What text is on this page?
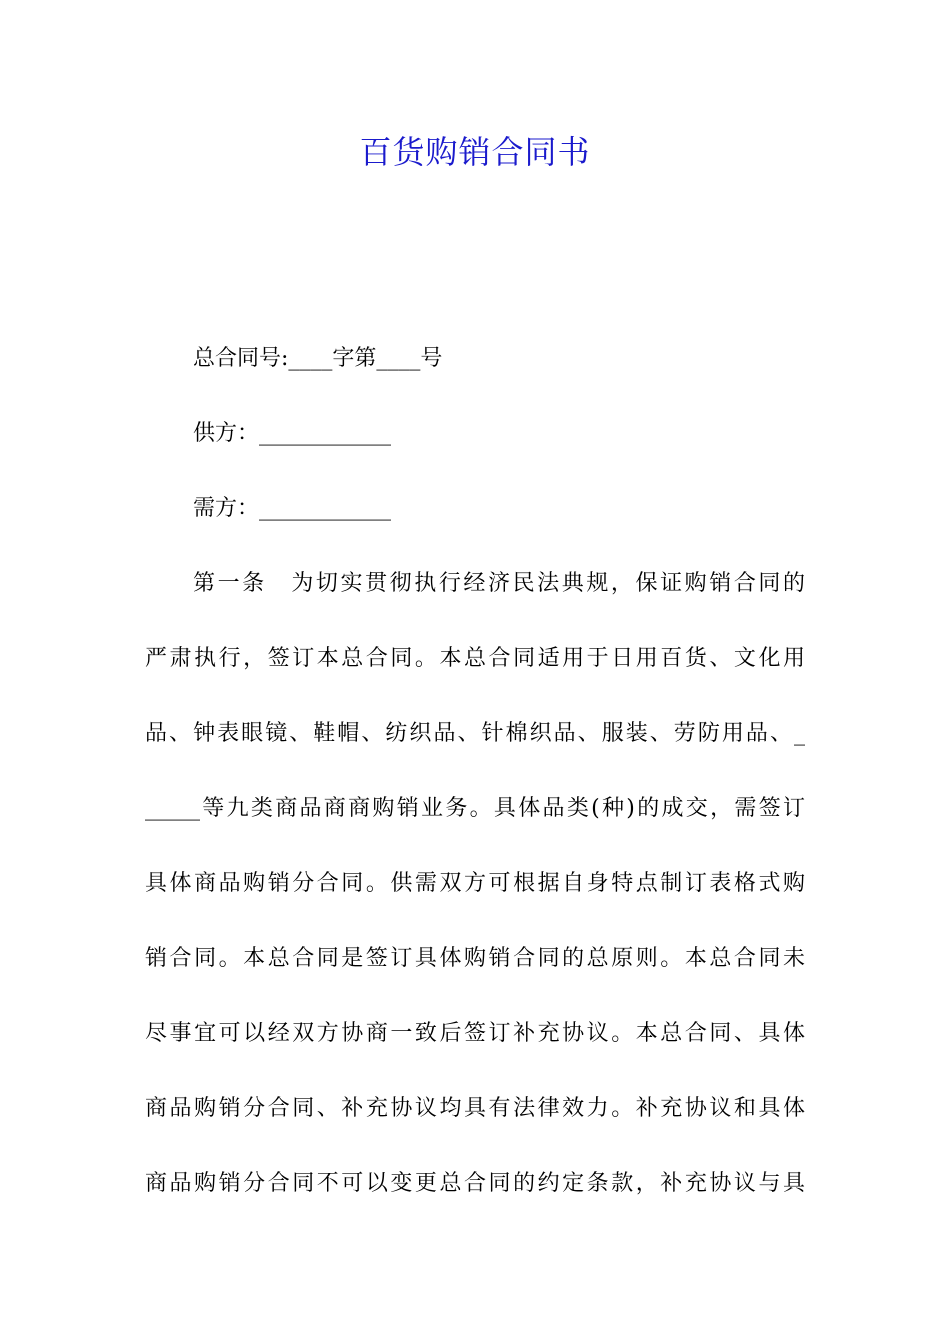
百货购销合同书
总合同号:____字第____号
供方：____________
需方：____________
第一条　为切实贯彻执行经济民法典规，保证购销合同的
严肃执行，签订本总合同。本总合同适用于日用百货、文化用
品、钟表眼镜、鞋帽、纺织品、针棉织品、服装、劳防用品、_
_____等九类商品商商购销业务。具体品类(种)的成交，需签订
具体商品购销分合同。供需双方可根据自身特点制订表格式购
销合同。本总合同是签订具体购销合同的总原则。本总合同未
尽事宜可以经双方协商一致后签订补充协议。本总合同、具体
商品购销分合同、补充协议均具有法律效力。补充协议和具体
商品购销分合同不可以变更总合同的约定条款，补充协议与具
